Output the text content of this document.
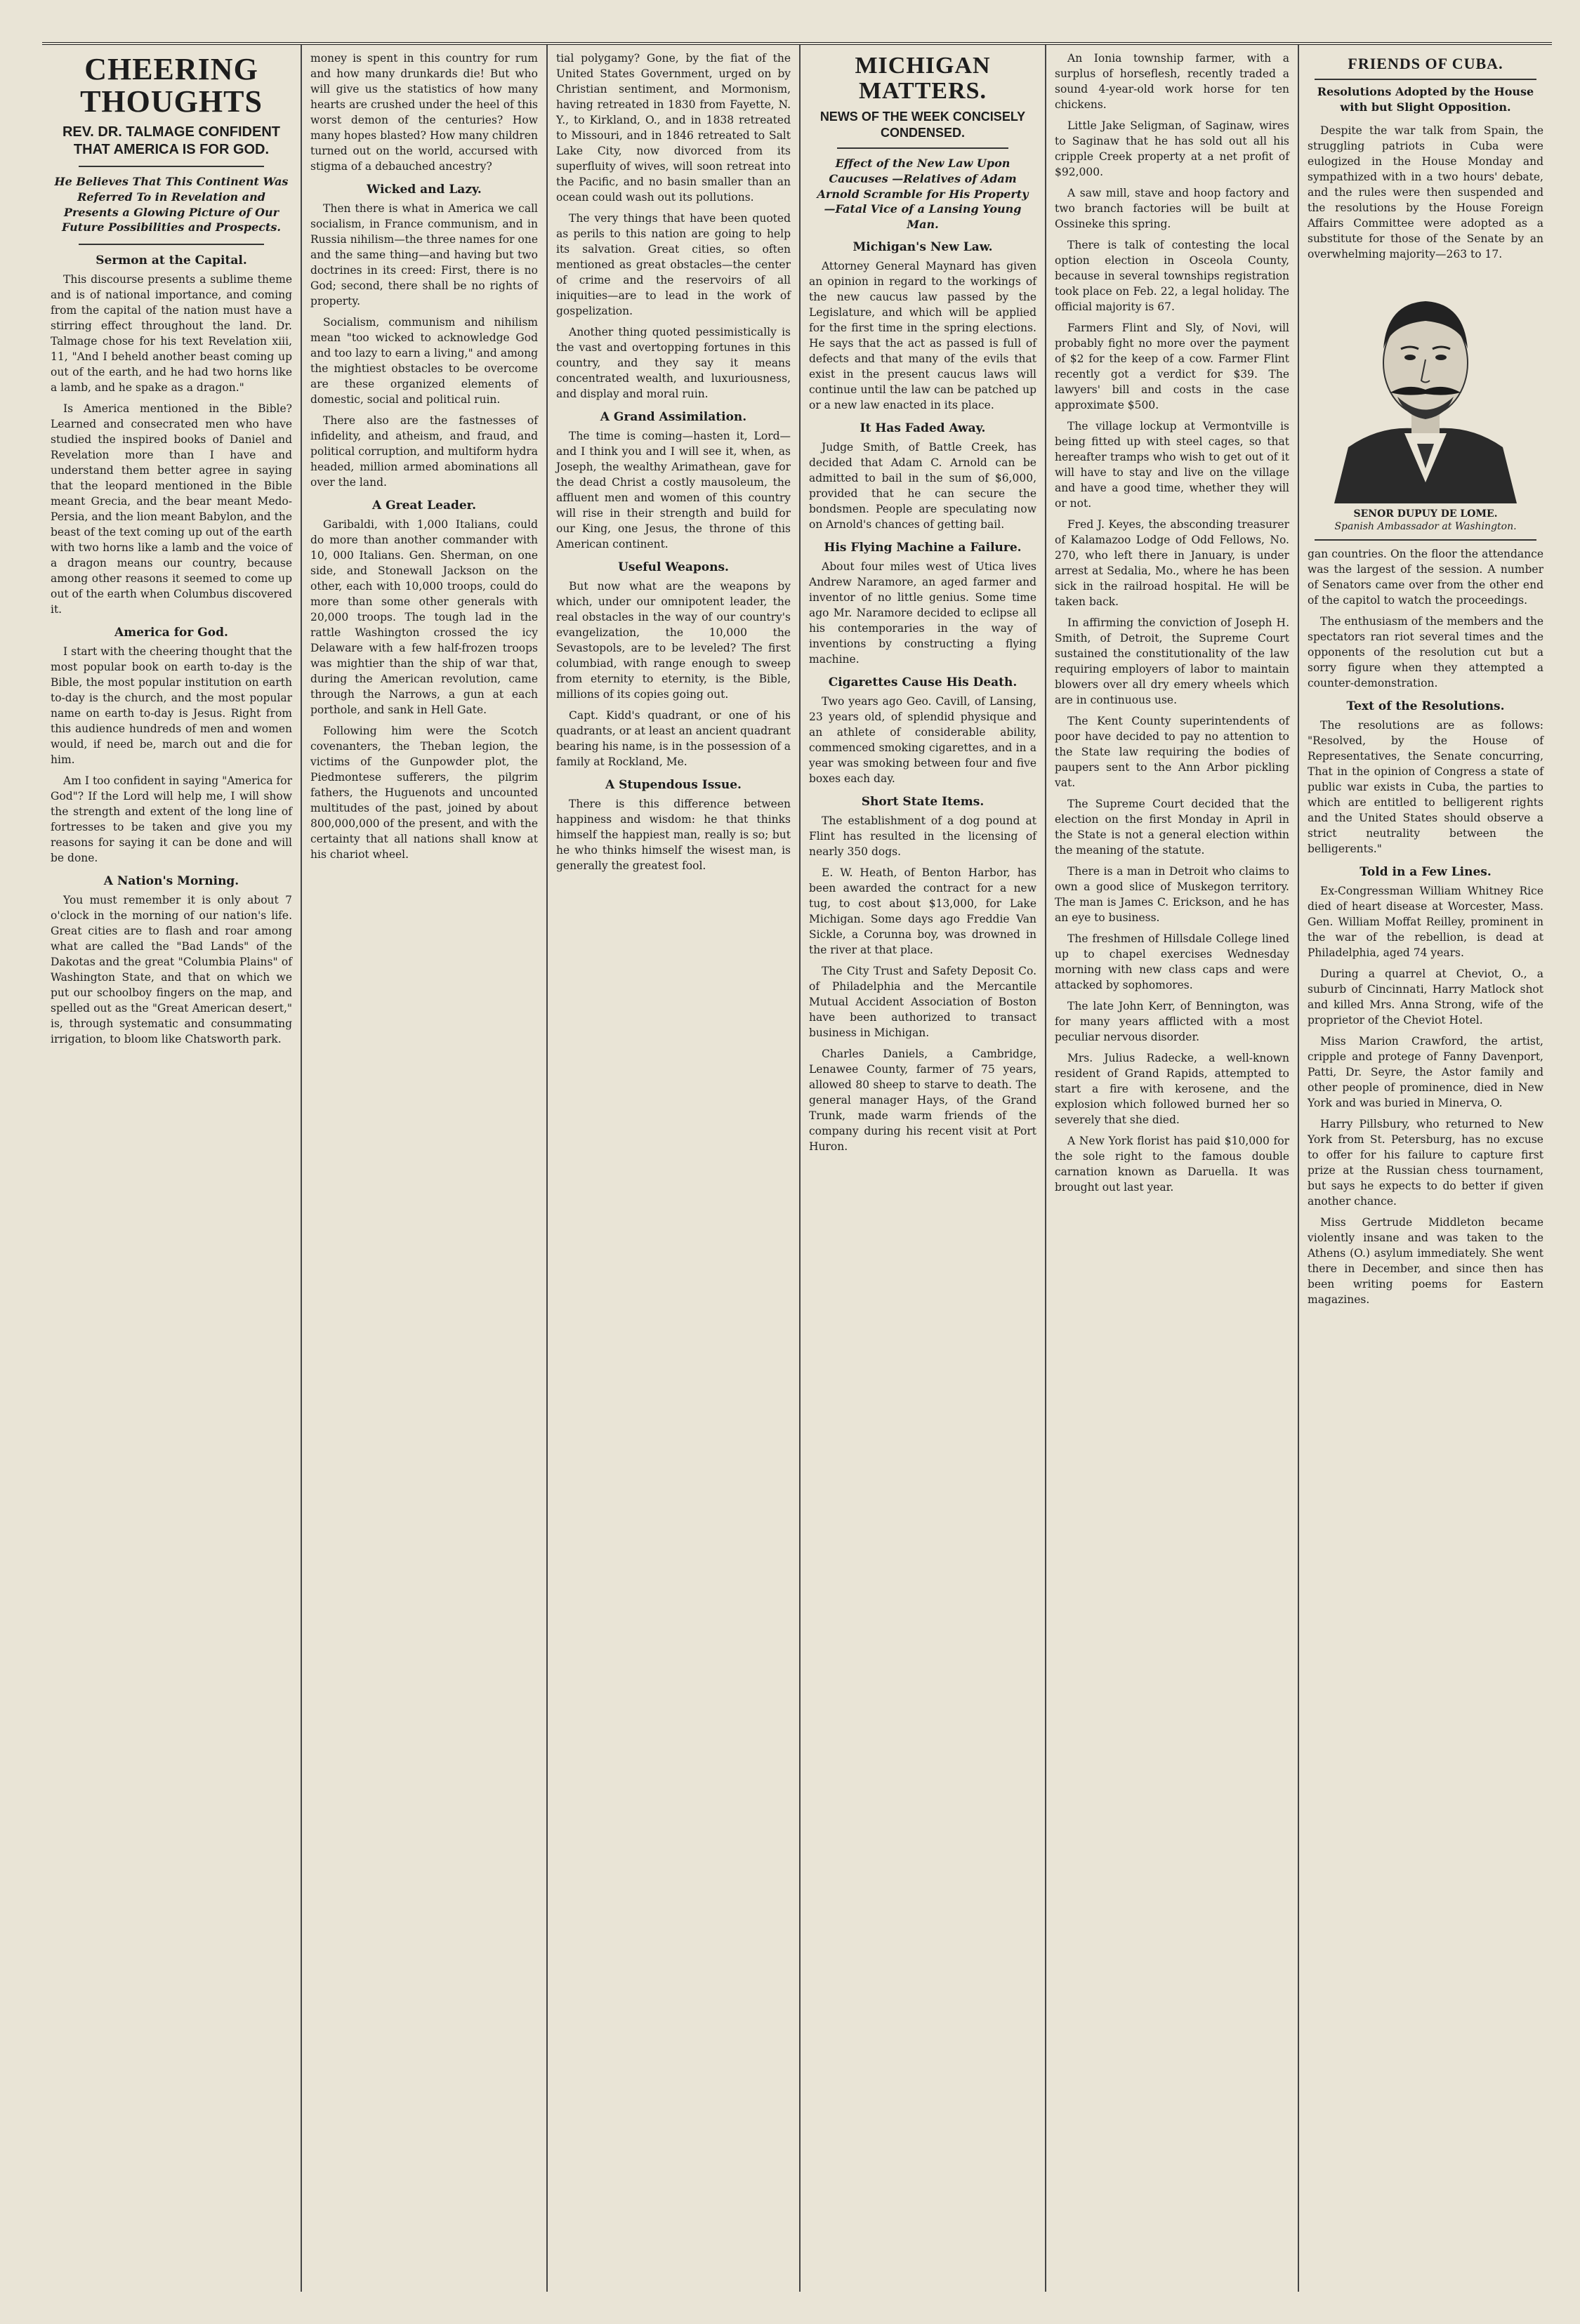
CHEERING THOUGHTS
REV. DR. TALMAGE CONFIDENT THAT AMERICA IS FOR GOD.
He Believes That This Continent Was Referred To in Revelation and Presents a Glowing Picture of Our Future Possibilities and Prospects.
Sermon at the Capital.

This discourse presents a sublime theme and is of national importance, and coming from the capital of the nation must have a stirring effect throughout the land. Dr. Talmage chose for his text Revelation xiii, 11, "And I beheld another beast coming up out of the earth, and he had two horns like a lamb, and he spake as a dragon."

Is America mentioned in the Bible? Learned and consecrated men who have studied the inspired books of Daniel and Revelation more than I have and understand them better agree in saying that the leopard mentioned in the Bible meant Grecia, and the bear meant Medo-Persia, and the lion meant Babylon, and the beast of the text coming up out of the earth with two horns like a lamb and the voice of a dragon means our country, because among other reasons it seemed to come up out of the earth when Columbus discovered it.

America for God.

I start with the cheering thought that the most popular book on earth to-day is the Bible, the most popular institution on earth to-day is the church, and the most popular name on earth to-day is Jesus. Right from this audience hundreds of men and women would, if need be, march out and die for him.

Am I too confident in saying "America for God"? If the Lord will help me, I will show the strength and extent of the long line of fortresses to be taken and give you my reasons for saying it can be done and will be done.

A Nation's Morning.

You must remember it is only about 7 o'clock in the morning of our nation's life. Great cities are to flash and roar among what are called the "Bad Lands" of the Dakotas and the great "Columbia Plains" of Washington State, and that on which we put our schoolboy fingers on the map, and spelled out as the "Great American desert," is, through systematic and consummating irrigation, to bloom like Chatsworth park.

money is spent in this country for rum and how many drunkards die! But who will give us the statistics of how many hearts are crushed under the heel of this worst demon of the centuries? How many hopes blasted? How many children turned out on the world, accursed with stigma of a debauched ancestry?

Wicked and Lazy.

Then there is what in America we call socialism, in France communism, and in Russia nihilism—the three names for one and the same thing—and having but two doctrines in its creed: First, there is no God; second, there shall be no rights of property.

Socialism, communism and nihilism mean "too wicked to acknowledge God and too lazy to earn a living," and among the mightiest obstacles to be overcome are these organized elements of domestic, social and political ruin.

There also are the fastnesses of infidelity, and atheism, and fraud, and political corruption, and multiform hydra headed, million armed abominations all over the land.

A Great Leader.

Garibaldi, with 1,000 Italians, could do more than another commander with 10, 000 Italians. Gen. Sherman, on one side, and Stonewall Jackson on the other, each with 10,000 troops, could do more than some other generals with 20,000 troops. The tough lad in the rattle Washington crossed the icy Delaware with a few half-frozen troops was mightier than the ship of war that, during the American revolution, came through the Narrows, a gun at each porthole, and sank in Hell Gate.

Following him were the Scotch covenanters, the Theban legion, the victims of the Gunpowder plot, the Piedmontese sufferers, the pilgrim fathers, the Huguenots and uncounted multitudes of the past, joined by about 800,000,000 of the present, and with the certainty that all nations shall know at his chariot wheel.

tial polygamy? Gone, by the fiat of the United States Government, urged on by Christian sentiment, and Mormonism, having retreated in 1830 from Fayette, N. Y., to Kirkland, O., and in 1838 retreated to Missouri, and in 1846 retreated to Salt Lake City, now divorced from its superfluity of wives, will soon retreat into the Pacific, and no basin smaller than an ocean could wash out its pollutions.

The very things that have been quoted as perils to this nation are going to help its salvation. Great cities, so often mentioned as great obstacles—the center of crime and the reservoirs of all iniquities—are to lead in the work of gospelization.

Another thing quoted pessimistically is the vast and overtopping fortunes in this country, and they say it means concentrated wealth, and luxuriousness, and display and moral ruin.

A Grand Assimilation.

The time is coming—hasten it, Lord—and I think you and I will see it, when, as Joseph, the wealthy Arimathean, gave for the dead Christ a costly mausoleum, the affluent men and women of this country will rise in their strength and build for our King, one Jesus, the throne of this American continent.

Useful Weapons.

But now what are the weapons by which, under our omnipotent leader, the real obstacles in the way of our country's evangelization, the 10,000 the Sevastopols, are to be leveled? The first columbiad, with range enough to sweep from eternity to eternity, is the Bible, millions of its copies going out.

Capt. Kidd's quadrant, or one of his quadrants, or at least an ancient quadrant bearing his name, is in the possession of a family at Rockland, Me.

A Stupendous Issue.

There is this difference between happiness and wisdom: he that thinks himself the happiest man, really is so; but he who thinks himself the wisest man, is generally the greatest fool.

MICHIGAN MATTERS.
NEWS OF THE WEEK CONCISELY CONDENSED.
Effect of the New Law Upon Caucuses —Relatives of Adam Arnold Scramble for His Property—Fatal Vice of a Lansing Young Man.
Michigan's New Law.

Attorney General Maynard has given an opinion in regard to the workings of the new caucus law passed by the Legislature, and which will be applied for the first time in the spring elections. He says that the act as passed is full of defects and that many of the evils that exist in the present caucus laws will continue until the law can be patched up or a new law enacted in its place.

It Has Faded Away.

Judge Smith, of Battle Creek, has decided that Adam C. Arnold can be admitted to bail in the sum of $6,000, provided that he can secure the bondsmen. People are speculating now on Arnold's chances of getting bail.

His Flying Machine a Failure.

About four miles west of Utica lives Andrew Naramore, an aged farmer and inventor of no little genius. Some time ago Mr. Naramore decided to eclipse all his contemporaries in the way of inventions by constructing a flying machine.

Cigarettes Cause His Death.

Two years ago Geo. Cavill, of Lansing, 23 years old, of splendid physique and an athlete of considerable ability, commenced smoking cigarettes, and in a year was smoking between four and five boxes each day.

Short State Items.

The establishment of a dog pound at Flint has resulted in the licensing of nearly 350 dogs.

E. W. Heath, of Benton Harbor, has been awarded the contract for a new tug, to cost about $13,000, for Lake Michigan. Some days ago Freddie Van Sickle, a Corunna boy, was drowned in the river at that place.

The City Trust and Safety Deposit Co. of Philadelphia and the Mercantile Mutual Accident Association of Boston have been authorized to transact business in Michigan.

Charles Daniels, a Cambridge, Lenawee County, farmer of 75 years, allowed 80 sheep to starve to death. The general manager Hays, of the Grand Trunk, made warm friends of the company during his recent visit at Port Huron.

An Ionia township farmer, with a surplus of horseflesh, recently traded a sound 4-year-old work horse for ten chickens.

Little Jake Seligman, of Saginaw, wires to Saginaw that he has sold out all his cripple Creek property at a net profit of $92,000.

A saw mill, stave and hoop factory and two branch factories will be built at Ossineke this spring.

There is talk of contesting the local option election in Osceola County, because in several townships registration took place on Feb. 22, a legal holiday. The official majority is 67.

Farmers Flint and Sly, of Novi, will probably fight no more over the payment of $2 for the keep of a cow. Farmer Flint recently got a verdict for $39. The lawyers' bill and costs in the case approximate $500.

The village lockup at Vermontville is being fitted up with steel cages, so that hereafter tramps who wish to get out of it will have to stay and live on the village and have a good time, whether they will or not.

Fred J. Keyes, the absconding treasurer of Kalamazoo Lodge of Odd Fellows, No. 270, who left there in January, is under arrest at Sedalia, Mo., where he has been sick in the railroad hospital. He will be taken back.

In affirming the conviction of Joseph H. Smith, of Detroit, the Supreme Court sustained the constitutionality of the law requiring employers of labor to maintain blowers over all dry emery wheels which are in continuous use.

The Kent County superintendents of poor have decided to pay no attention to the State law requiring the bodies of paupers sent to the Ann Arbor pickling vat.

The Supreme Court decided that the election on the first Monday in April in the State is not a general election within the meaning of the statute.

There is a man in Detroit who claims to own a good slice of Muskegon territory. The man is James C. Erickson, and he has an eye to business.

The freshmen of Hillsdale College lined up to chapel exercises Wednesday morning with new class caps and were attacked by sophomores.

The late John Kerr, of Bennington, was for many years afflicted with a most peculiar nervous disorder.

Mrs. Julius Radecke, a well-known resident of Grand Rapids, attempted to start a fire with kerosene, and the explosion which followed burned her so severely that she died.

A New York florist has paid $10,000 for the sole right to the famous double carnation known as Daruella. It was brought out last year.

FRIENDS OF CUBA.
Resolutions Adopted by the House with but Slight Opposition.

Despite the war talk from Spain, the struggling patriots in Cuba were eulogized in the House Monday and sympathized with in a two hours' debate, and the rules were then suspended and the resolutions by the House Foreign Affairs Committee were adopted as a substitute for those of the Senate by an overwhelming majority—263 to 17.

SENOR DUPUY DE LOME.
Spanish Ambassador at Washington.

gan countries. On the floor the attendance was the largest of the session. A number of Senators came over from the other end of the capitol to watch the proceedings.

The enthusiasm of the members and the spectators ran riot several times and the opponents of the resolution cut but a sorry figure when they attempted a counter-demonstration.

Text of the Resolutions.

The resolutions are as follows: "Resolved, by the House of Representatives, the Senate concurring, That in the opinion of Congress a state of public war exists in Cuba, the parties to which are entitled to belligerent rights and the United States should observe a strict neutrality between the belligerents."

Told in a Few Lines.

Ex-Congressman William Whitney Rice died of heart disease at Worcester, Mass. Gen. William Moffat Reilley, prominent in the war of the rebellion, is dead at Philadelphia, aged 74 years.

During a quarrel at Cheviot, O., a suburb of Cincinnati, Harry Matlock shot and killed Mrs. Anna Strong, wife of the proprietor of the Cheviot Hotel.

Miss Marion Crawford, the artist, cripple and protege of Fanny Davenport, Patti, Dr. Seyre, the Astor family and other people of prominence, died in New York and was buried in Minerva, O.

Harry Pillsbury, who returned to New York from St. Petersburg, has no excuse to offer for his failure to capture first prize at the Russian chess tournament, but says he expects to do better if given another chance.

Miss Gertrude Middleton became violently insane and was taken to the Athens (O.) asylum immediately. She went there in December, and since then has been writing poems for Eastern magazines.
